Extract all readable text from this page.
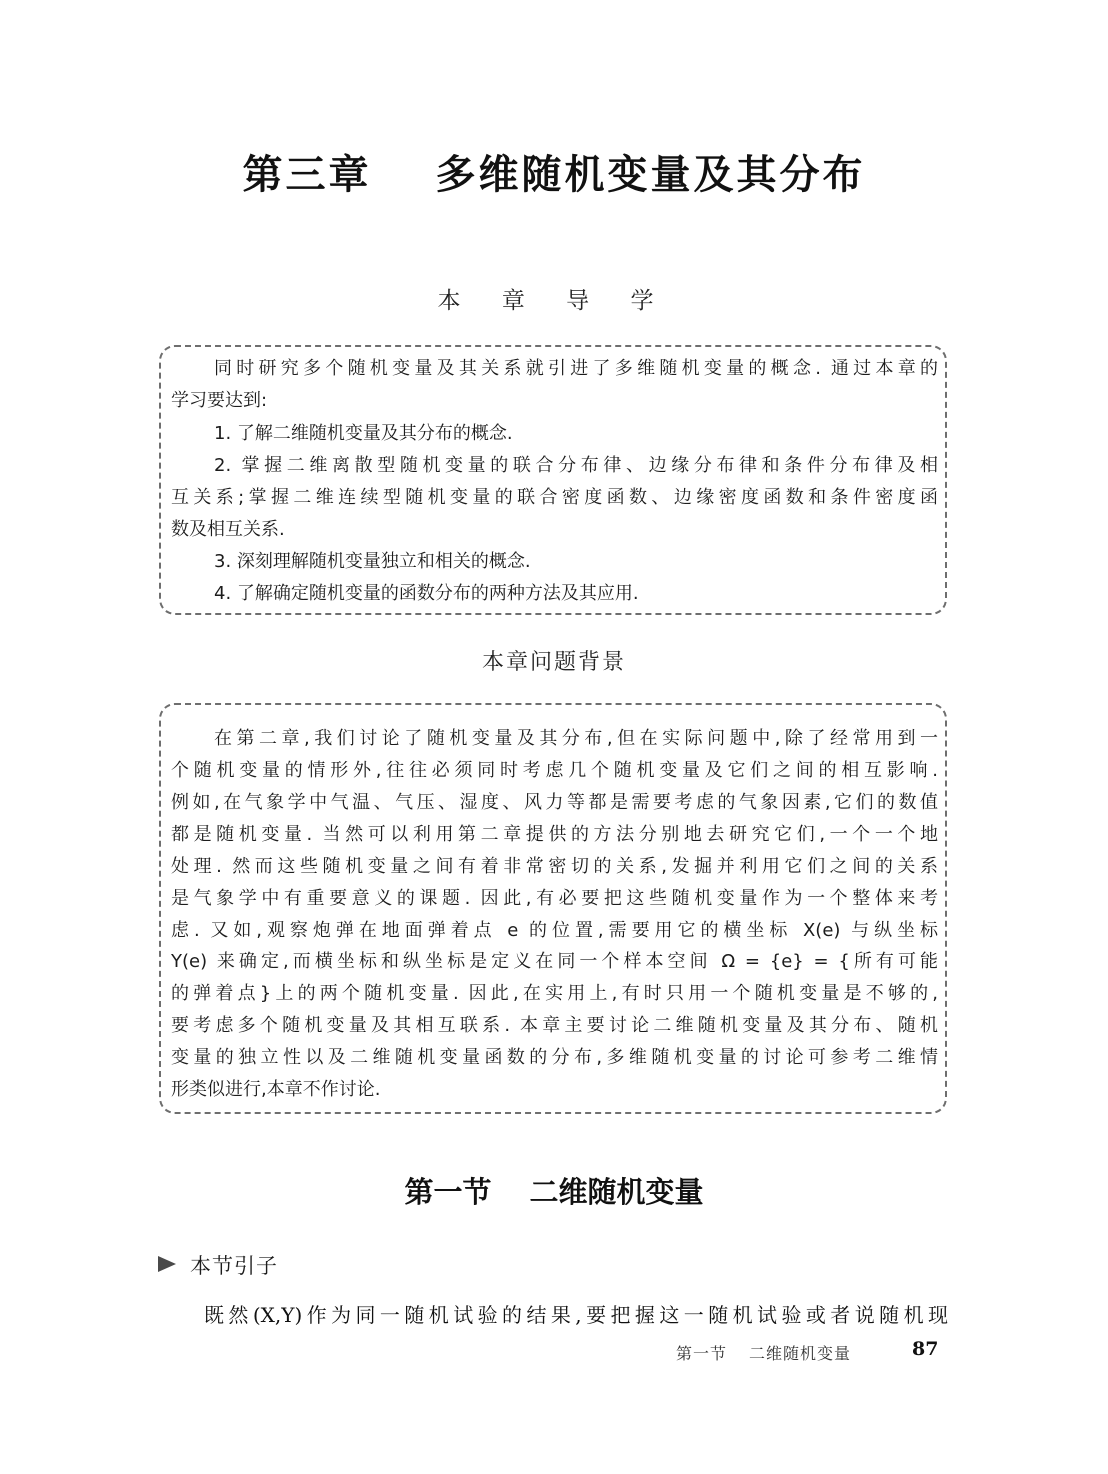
第三章 多维随机变量及其分布
本 章 导 学
同时研究多个随机变量及其关系就引进了多维随机变量的概念. 通过本章的
学习要达到:
1. 了解二维随机变量及其分布的概念.
2. 掌握二维离散型随机变量的联合分布律、边缘分布律和条件分布律及相
互关系;掌握二维连续型随机变量的联合密度函数、边缘密度函数和条件密度函
数及相互关系.
3. 深刻理解随机变量独立和相关的概念.
4. 了解确定随机变量的函数分布的两种方法及其应用.
本章问题背景
在第二章,我们讨论了随机变量及其分布,但在实际问题中,除了经常用到一
个随机变量的情形外,往往必须同时考虑几个随机变量及它们之间的相互影响.
例如,在气象学中气温、气压、湿度、风力等都是需要考虑的气象因素,它们的数值
都是随机变量. 当然可以利用第二章提供的方法分别地去研究它们,一个一个地
处理. 然而这些随机变量之间有着非常密切的关系,发掘并利用它们之间的关系
是气象学中有重要意义的课题. 因此,有必要把这些随机变量作为一个整体来考
虑. 又如,观察炮弹在地面弹着点 e 的位置,需要用它的横坐标 X(e) 与纵坐标
Y(e) 来确定,而横坐标和纵坐标是定义在同一个样本空间 Ω = {e} = {所有可能
的弹着点}上的两个随机变量. 因此,在实用上,有时只用一个随机变量是不够的,
要考虑多个随机变量及其相互联系. 本章主要讨论二维随机变量及其分布、随机
变量的独立性以及二维随机变量函数的分布,多维随机变量的讨论可参考二维情
形类似进行,本章不作讨论.
第一节 二维随机变量
本节引子
既然(X,Y)作为同一随机试验的结果,要把握这一随机试验或者说随机现
第一节 二维随机变量	87
